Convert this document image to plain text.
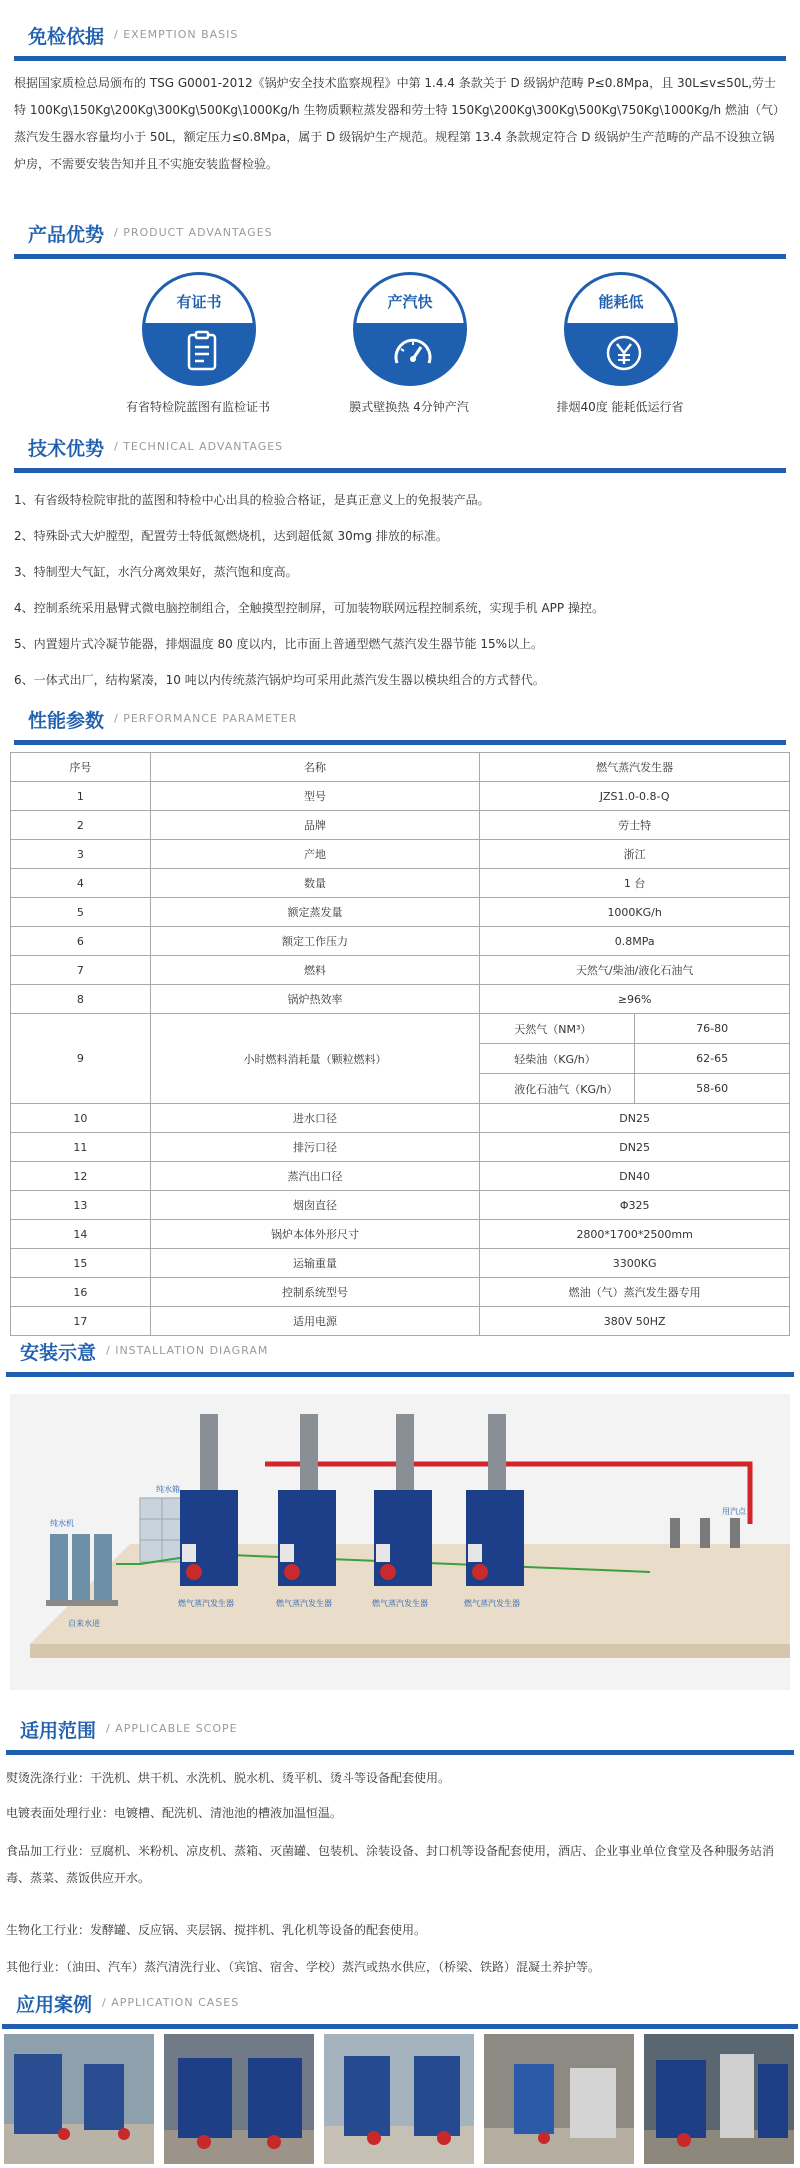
免检依据 / EXEMPTION BASIS

根据国家质检总局颁布的 TSG G0001-2012《锅炉安全技术监察规程》中第 1.4.4 条款关于 D 级锅炉范畴 P≤0.8Mpa，且 30L≤v≤50L,劳士特 100Kg\150Kg\200Kg\300Kg\500Kg\1000Kg/h 生物质颗粒蒸发器和劳士特 150Kg\200Kg\300Kg\500Kg\750Kg\1000Kg/h 燃油（气）蒸汽发生器水容量均小于 50L，额定压力≤0.8Mpa，属于 D 级锅炉生产规范。规程第 13.4 条款规定符合 D 级锅炉生产范畴的产品不设独立锅炉房，不需要安装告知并且不实施安装监督检验。

产品优势 / PRODUCT ADVANTAGES
有证书
有省特检院蓝图有监检证书
产汽快
膜式壁换热 4分钟产汽
能耗低
排烟40度 能耗低运行省
技术优势 / TECHNICAL ADVANTAGES

1、有省级特检院审批的蓝图和特检中心出具的检验合格证，是真正意义上的免报装产品。

2、特殊卧式大炉膛型，配置劳士特低氮燃烧机，达到超低氮 30mg 排放的标准。

3、特制型大气缸，水汽分离效果好，蒸汽饱和度高。

4、控制系统采用悬臂式微电脑控制组合，全触摸型控制屏，可加装物联网远程控制系统，实现手机 APP 操控。

5、内置翅片式冷凝节能器，排烟温度 80 度以内，比市面上普通型燃气蒸汽发生器节能 15%以上。

6、一体式出厂，结构紧凑，10 吨以内传统蒸汽锅炉均可采用此蒸汽发生器以模块组合的方式替代。

性能参数 / PERFORMANCE PARAMETER
序号	名称	燃气蒸汽发生器	
1	型号	JZS1.0-0.8-Q	
2	品牌	劳士特	
3	产地	浙江	
4	数量	1 台	
5	额定蒸发量	1000KG/h	
6	额定工作压力	0.8MPa	
7	燃料	天然气/柴油/液化石油气	
8	锅炉热效率	≥96%	
9	小时燃料消耗量（颗粒燃料）	天然气（NM³）	76-80
		轻柴油（KG/h）	62-65
		液化石油气（KG/h）	58-60
10	进水口径	DN25	
11	排污口径	DN25	
12	蒸汽出口径	DN40	
13	烟囱直径	Φ325	
14	锅炉本体外形尺寸	2800*1700*2500mm	
15	运输重量	3300KG	
16	控制系统型号	燃油（气）蒸汽发生器专用	
17	适用电源	380V 50HZ	
安装示意 / INSTALLATION DIAGRAM
纯水箱
纯水机
自来水进
用汽点
燃气蒸汽发生器	燃气蒸汽发生器	燃气蒸汽发生器	燃气蒸汽发生器
适用范围 / APPLICABLE SCOPE

熨烫洗涤行业：干洗机、烘干机、水洗机、脱水机、烫平机、烫斗等设备配套使用。

电镀表面处理行业：电镀槽、配洗机、清池池的槽液加温恒温。

食品加工行业：豆腐机、米粉机、凉皮机、蒸箱、灭菌罐、包装机、涂装设备、封口机等设备配套使用，酒店、企业事业单位食堂及各种服务站消毒、蒸菜、蒸饭供应开水。

生物化工行业：发酵罐、反应锅、夹层锅、搅拌机、乳化机等设备的配套使用。

其他行业：（油田、汽车）蒸汽清洗行业、（宾馆、宿舍、学校）蒸汽或热水供应，（桥梁、铁路）混凝土养护等。

应用案例 / APPLICATION CASES
